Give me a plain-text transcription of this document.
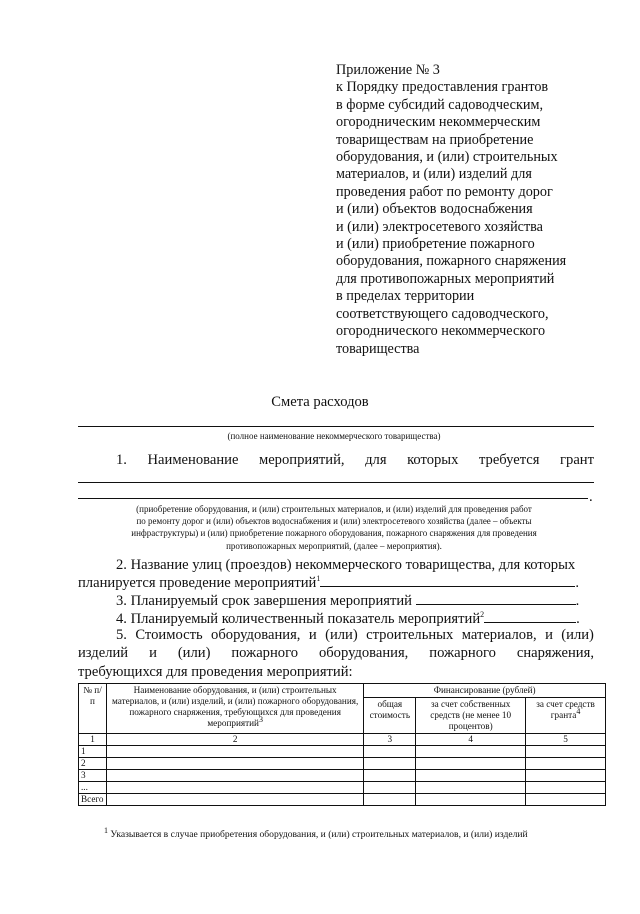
Приложение № 3
к Порядку предоставления грантов
в форме субсидий садоводческим,
огородническим некоммерческим
товариществам на приобретение
оборудования, и (или) строительных
материалов, и (или) изделий для
проведения работ по ремонту дорог
и (или) объектов водоснабжения
и (или) электросетевого хозяйства
и (или) приобретение пожарного
оборудования, пожарного снаряжения
для противопожарных мероприятий
в пределах территории
соответствующего садоводческого,
огороднического некоммерческого
товарищества
Смета расходов
(полное наименование некоммерческого товарищества)
1. Наименование мероприятий, для которых требуется грант
.
(приобретение оборудования, и (или) строительных материалов, и (или) изделий для проведения работ
по ремонту дорог и (или) объектов водоснабжения и (или) электросетевого хозяйства (далее – объекты
инфраструктуры) и (или) приобретение пожарного оборудования, пожарного снаряжения для проведения
противопожарных мероприятий, (далее – мероприятия).
2. Название улиц (проездов) некоммерческого товарищества, для которых
планируется проведение мероприятий$^1$	.
3. Планируемый срок завершения мероприятий	.
4. Планируемый количественный показатель мероприятий$^2$	.
5. Стоимость оборудования, и (или) строительных материалов, и (или)
изделий и (или) пожарного оборудования, пожарного снаряжения,
требующихся для проведения мероприятий:
№ п/п	Наименование оборудования, и (или) строительных материалов, и (или) изделий, и (или) пожарного оборудования, пожарного снаряжения, требующихся для проведения мероприятий$^3$	Финансирование (рублей)		
		общая стоимость	за счет собственных средств (не менее 10 процентов)	за счет средств гранта$^4$
1	2	3	4	5
1				
2				
3				
...				
Всего				
$^1$ Указывается в случае приобретения оборудования, и (или) строительных материалов, и (или) изделий
